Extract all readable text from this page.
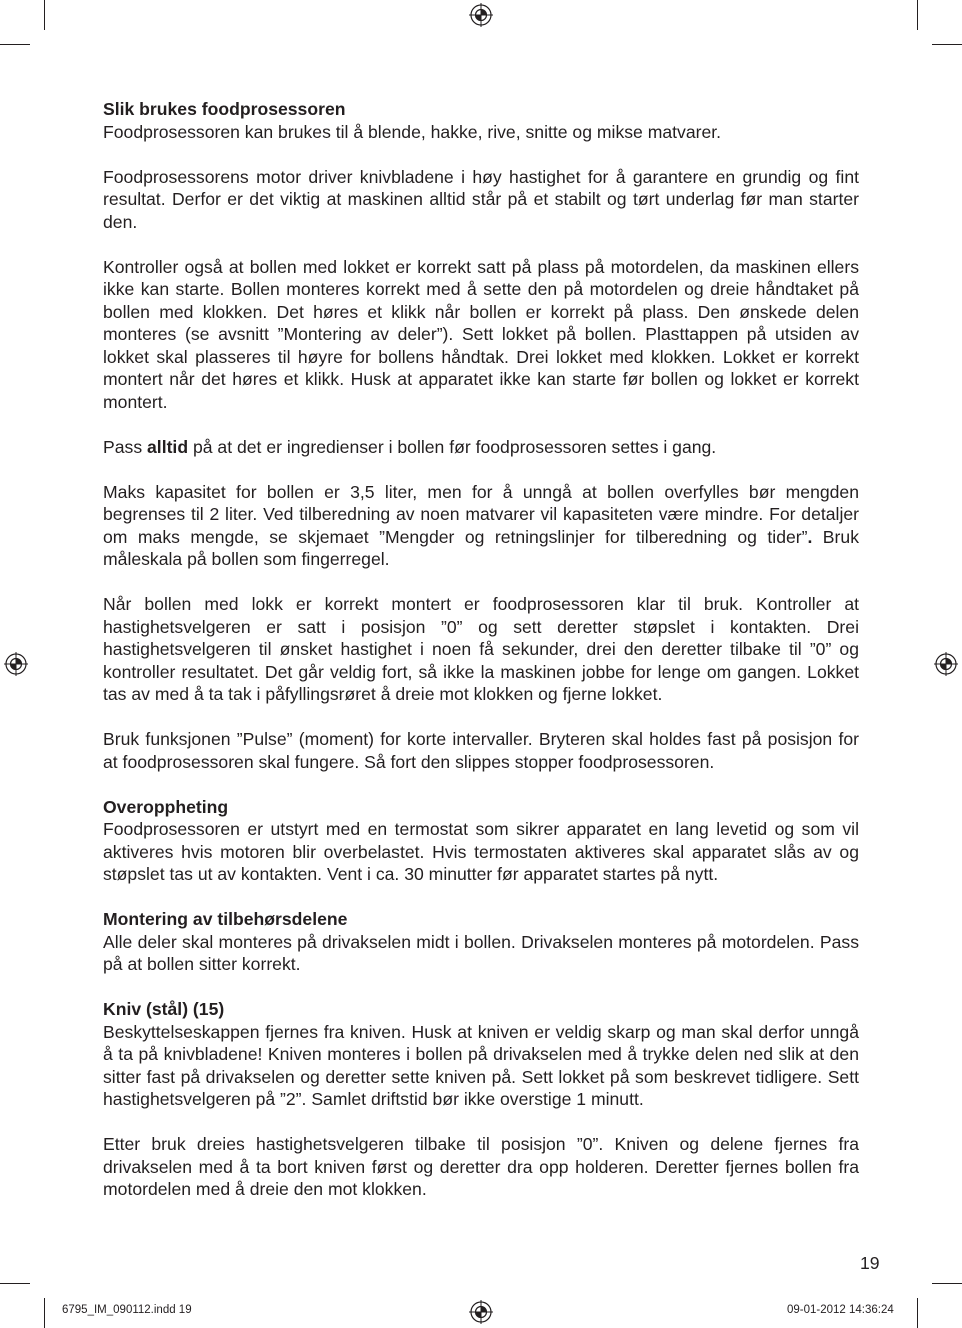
Slik brukes foodprosessoren

Foodprosessoren kan brukes til å blende, hakke, rive, snitte og mikse matvarer.

Foodprosessorens motor driver knivbladene i høy hastighet for å garantere en grundig og fint resultat. Derfor er det viktig at maskinen alltid står på et stabilt og tørt underlag før man starter den.

Kontroller også at bollen med lokket er korrekt satt på plass på motordelen, da maskinen ellers ikke kan starte. Bollen monteres korrekt med å sette den på motordelen og dreie håndtaket på bollen med klokken. Det høres et klikk når bollen er korrekt på plass. Den ønskede delen monteres (se avsnitt ”Montering av deler”). Sett lokket på bollen. Plasttappen på utsiden av lokket skal plasseres til høyre for bollens håndtak. Drei lokket med klokken. Lokket er korrekt montert når det høres et klikk. Husk at apparatet ikke kan starte før bollen og lokket er korrekt montert.

Pass alltid på at det er ingredienser i bollen før foodprosessoren settes i gang.

Maks kapasitet for bollen er 3,5 liter, men for å unngå at bollen overfylles bør mengden begrenses til 2 liter. Ved tilberedning av noen matvarer vil kapasiteten være mindre. For detaljer om maks mengde, se skjemaet ”Mengder og retningslinjer for tilberedning og tider”. Bruk måleskala på bollen som fingerregel.

Når bollen med lokk er korrekt montert er foodprosessoren klar til bruk. Kontroller at hastighetsvelgeren er satt i posisjon ”0” og sett deretter støpslet i kontakten. Drei hastighetsvelgeren til ønsket hastighet i noen få sekunder, drei den deretter tilbake til ”0” og kontroller resultatet. Det går veldig fort, så ikke la maskinen jobbe for lenge om gangen. Lokket tas av med å ta tak i påfyllingsrøret å dreie mot klokken og fjerne lokket.

Bruk funksjonen ”Pulse” (moment) for korte intervaller. Bryteren skal holdes fast på posisjon for at foodprosessoren skal fungere. Så fort den slippes stopper foodprosessoren.

Overoppheting

Foodprosessoren er utstyrt med en termostat som sikrer apparatet en lang levetid og som vil aktiveres hvis motoren blir overbelastet. Hvis termostaten aktiveres skal apparatet slås av og støpslet tas ut av kontakten. Vent i ca. 30 minutter før apparatet startes på nytt.

Montering av tilbehørsdelene

Alle deler skal monteres på drivakselen midt i bollen. Drivakselen monteres på motordelen. Pass på at bollen sitter korrekt.

Kniv (stål) (15)

Beskyttelseskappen fjernes fra kniven. Husk at kniven er veldig skarp og man skal derfor unngå å ta på knivbladene! Kniven monteres i bollen på drivakselen med å trykke delen ned slik at den sitter fast på drivakselen og deretter sette kniven på. Sett lokket på som beskrevet tidligere. Sett hastighetsvelgeren på ”2”. Samlet driftstid bør ikke overstige 1 minutt.

Etter bruk dreies hastighetsvelgeren tilbake til posisjon ”0”. Kniven og delene fjernes fra drivakselen med å ta bort kniven først og deretter dra opp holderen. Deretter fjernes bollen fra motordelen med å dreie den mot klokken.

19
6795_IM_090112.indd 19	09-01-2012 14:36:24
